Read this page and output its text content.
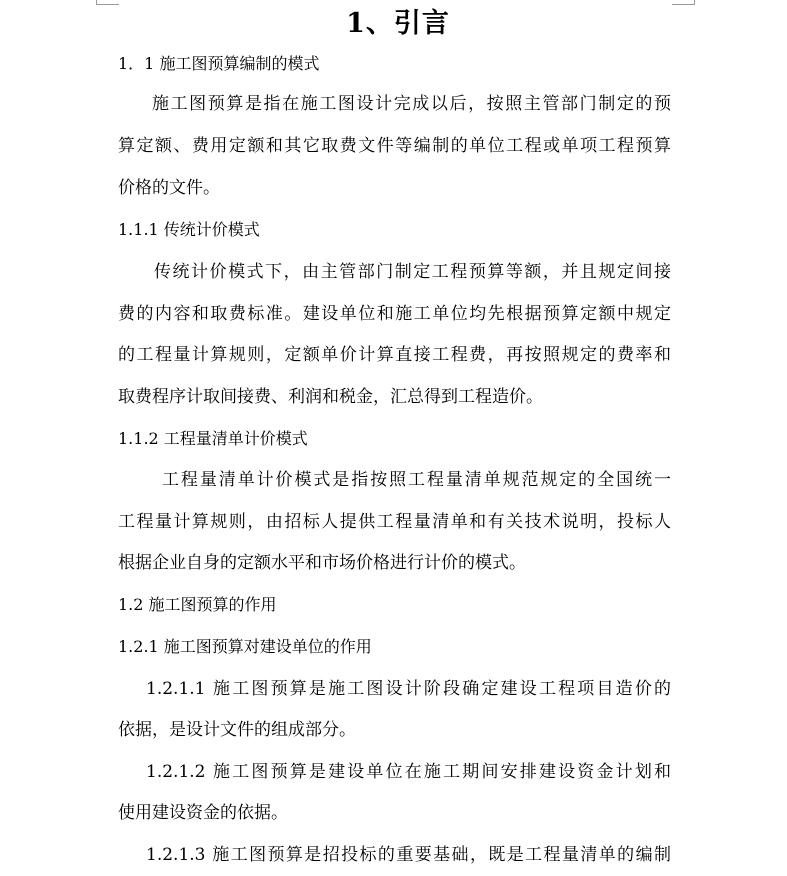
1、引言
1．1 施工图预算编制的模式
施工图预算是指在施工图设计完成以后，按照主管部门制定的预
算定额、费用定额和其它取费文件等编制的单位工程或单项工程预算
价格的文件。
1.1.1 传统计价模式
传统计价模式下，由主管部门制定工程预算等额，并且规定间接
费的内容和取费标准。建设单位和施工单位均先根据预算定额中规定
的工程量计算规则，定额单价计算直接工程费，再按照规定的费率和
取费程序计取间接费、利润和税金，汇总得到工程造价。
1.1.2 工程量清单计价模式
工程量清单计价模式是指按照工程量清单规范规定的全国统一
工程量计算规则，由招标人提供工程量清单和有关技术说明，投标人
根据企业自身的定额水平和市场价格进行计价的模式。
1.2 施工图预算的作用
1.2.1 施工图预算对建设单位的作用
1.2.1.1 施工图预算是施工图设计阶段确定建设工程项目造价的
依据，是设计文件的组成部分。
1.2.1.2 施工图预算是建设单位在施工期间安排建设资金计划和
使用建设资金的依据。
1.2.1.3 施工图预算是招投标的重要基础，既是工程量清单的编制
